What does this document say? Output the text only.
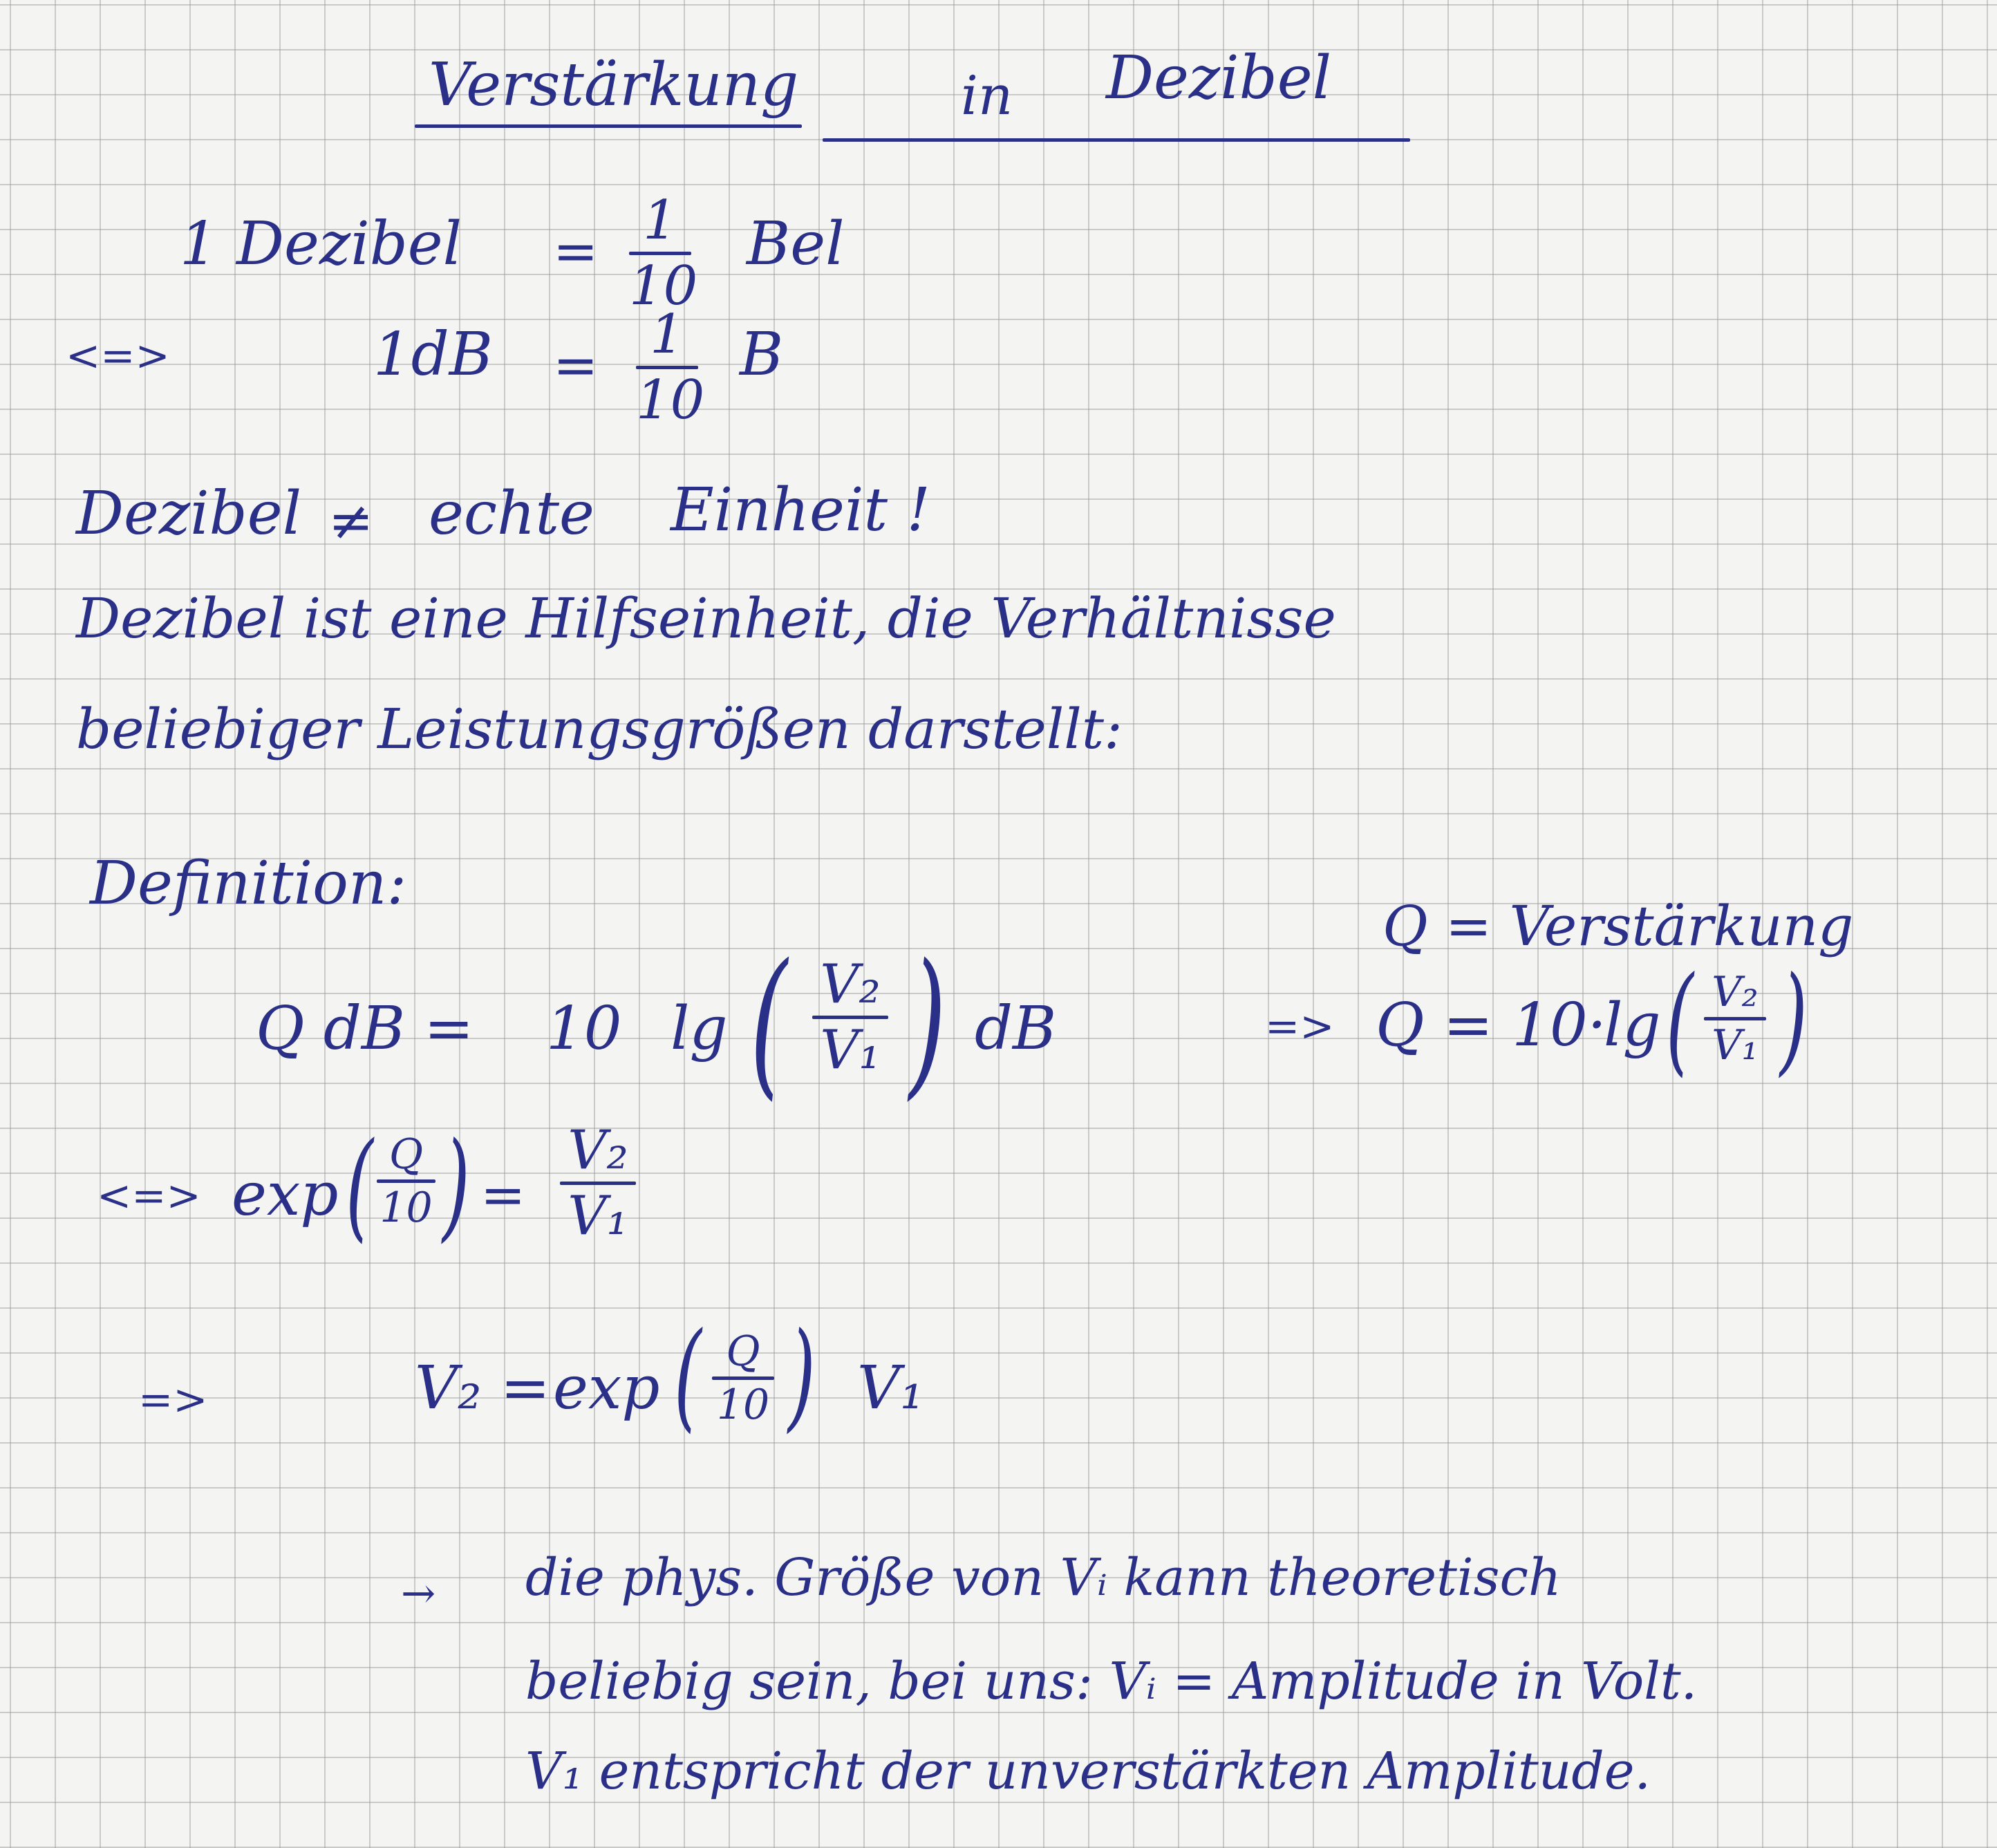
Verstärkung	in Dezibel
1 Dezibel = 1
10
Bel
<=>	1dB = 1
10
B
Dezibel ≠ echte Einheit !
Dezibel ist eine Hilfseinheit, die Verhältnisse
beliebiger Leistungsgrößen darstellt:
Definition:
Q dB = 10 lg ( V₂
V₁ ) dB
Q = Verstärkung
=> Q = 10·
lg ( V₂
V₁ )
<=> exp ( Q
10 ) =
V₂
V₁
=>	V₂ = exp ( Q
10 ) V₁
→ die phys. Größe von Vᵢ kann theoretisch
beliebig sein, bei uns: Vᵢ = Amplitude in Volt.
V₁ entspricht der unverstärkten Amplitude.
